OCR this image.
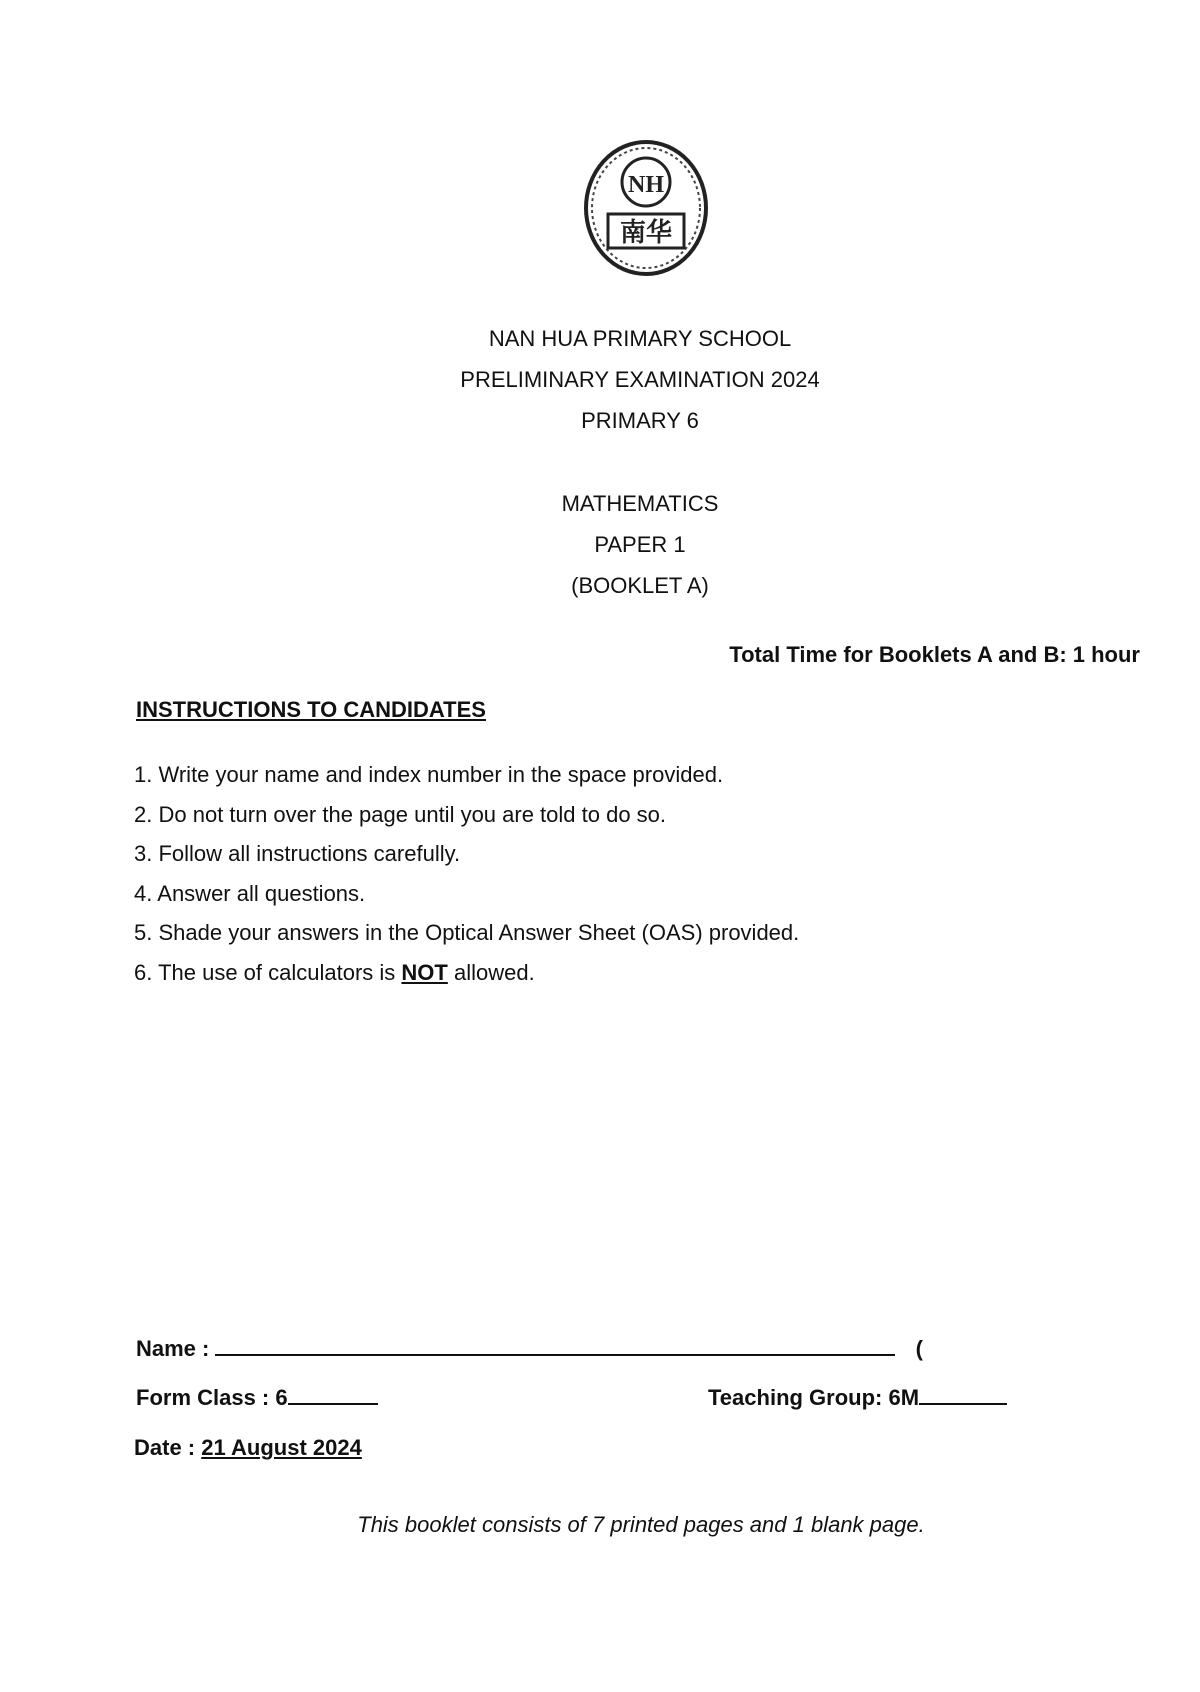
NH
南华
NAN HUA PRIMARY SCHOOL
PRELIMINARY EXAMINATION 2024
PRIMARY 6
MATHEMATICS
PAPER 1
(BOOKLET A)
Total Time for Booklets A and B: 1 hour
INSTRUCTIONS TO CANDIDATES
1. Write your name and index number in the space provided.
2. Do not turn over the page until you are told to do so.
3. Follow all instructions carefully.
4. Answer all questions.
5. Shade your answers in the Optical Answer Sheet (OAS) provided.
6. The use of calculators is NOT allowed.
Name :	(
Form Class : 6	Teaching Group: 6M
Date : 21 August 2024
This booklet consists of 7 printed pages and 1 blank page.
